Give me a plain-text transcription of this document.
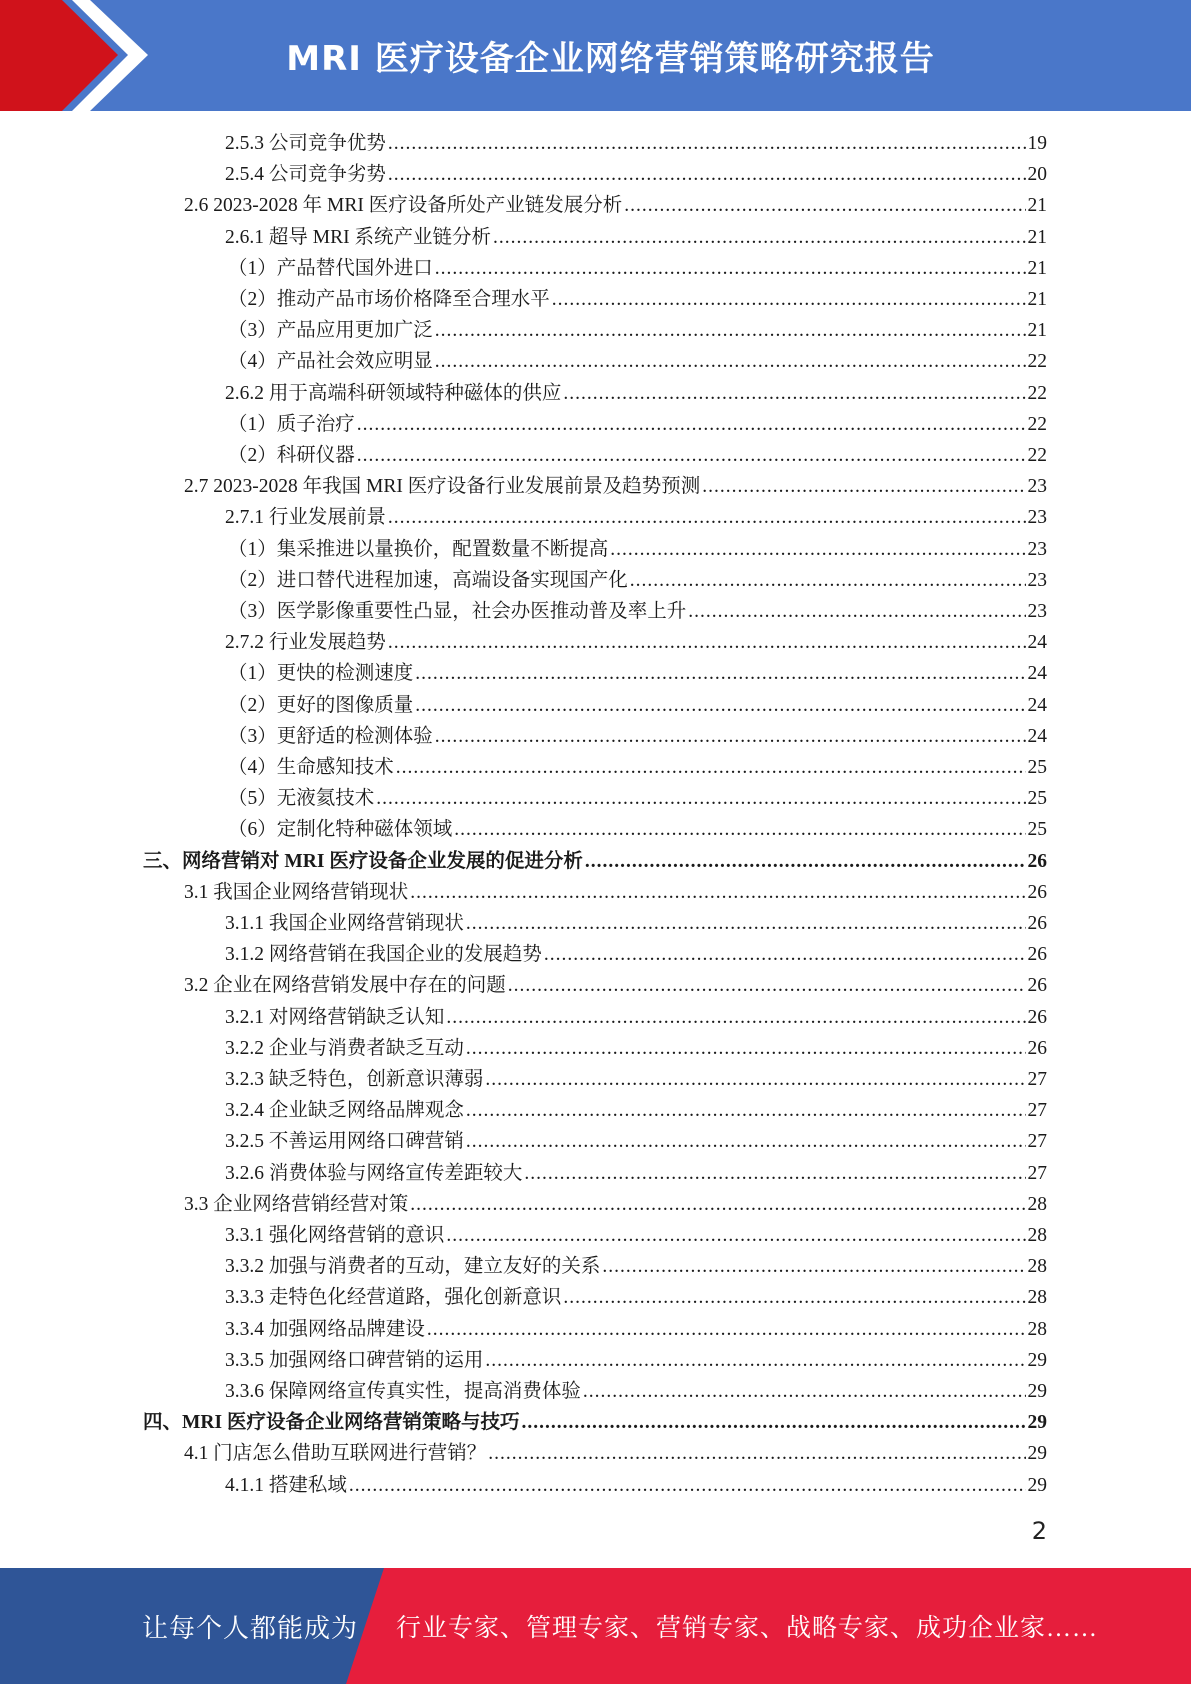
MRI 医疗设备企业网络营销策略研究报告
2.5.3 公司竞争优势 .....	19
2.5.4 公司竞争劣势 .....	20
2.6 2023-2028 年 MRI 医疗设备所处产业链发展分析 .....	21
2.6.1 超导 MRI 系统产业链分析 .....	21
（1）产品替代国外进口 .....	21
（2）推动产品市场价格降至合理水平 .....	21
（3）产品应用更加广泛 .....	21
（4）产品社会效应明显 .....	22
2.6.2 用于高端科研领域特种磁体的供应 .....	22
（1）质子治疗 .....	22
（2）科研仪器 .....	22
2.7 2023-2028 年我国 MRI 医疗设备行业发展前景及趋势预测 .....	23
2.7.1 行业发展前景 .....	23
（1）集采推进以量换价，配置数量不断提高 .....	23
（2）进口替代进程加速，高端设备实现国产化 .....	23
（3）医学影像重要性凸显，社会办医推动普及率上升 .....	23
2.7.2 行业发展趋势 .....	24
（1）更快的检测速度 .....	24
（2）更好的图像质量 .....	24
（3）更舒适的检测体验 .....	24
（4）生命感知技术 .....	25
（5）无液氦技术 .....	25
（6）定制化特种磁体领域 .....	25
三、网络营销对 MRI 医疗设备企业发展的促进分析 .....	26
3.1 我国企业网络营销现状 .....	26
3.1.1 我国企业网络营销现状 .....	26
3.1.2 网络营销在我国企业的发展趋势 .....	26
3.2 企业在网络营销发展中存在的问题 .....	26
3.2.1 对网络营销缺乏认知 .....	26
3.2.2 企业与消费者缺乏互动 .....	26
3.2.3 缺乏特色，创新意识薄弱 .....	27
3.2.4 企业缺乏网络品牌观念 .....	27
3.2.5 不善运用网络口碑营销 .....	27
3.2.6 消费体验与网络宣传差距较大 .....	27
3.3 企业网络营销经营对策 .....	28
3.3.1 强化网络营销的意识 .....	28
3.3.2 加强与消费者的互动，建立友好的关系 .....	28
3.3.3 走特色化经营道路，强化创新意识 .....	28
3.3.4 加强网络品牌建设 .....	28
3.3.5 加强网络口碑营销的运用 .....	29
3.3.6 保障网络宣传真实性，提高消费体验 .....	29
四、MRI 医疗设备企业网络营销策略与技巧 .....	29
4.1 门店怎么借助互联网进行营销？ .....	29
4.1.1 搭建私域 .....	29
2
让每个人都能成为 行业专家、管理专家、营销专家、战略专家、成功企业家……
